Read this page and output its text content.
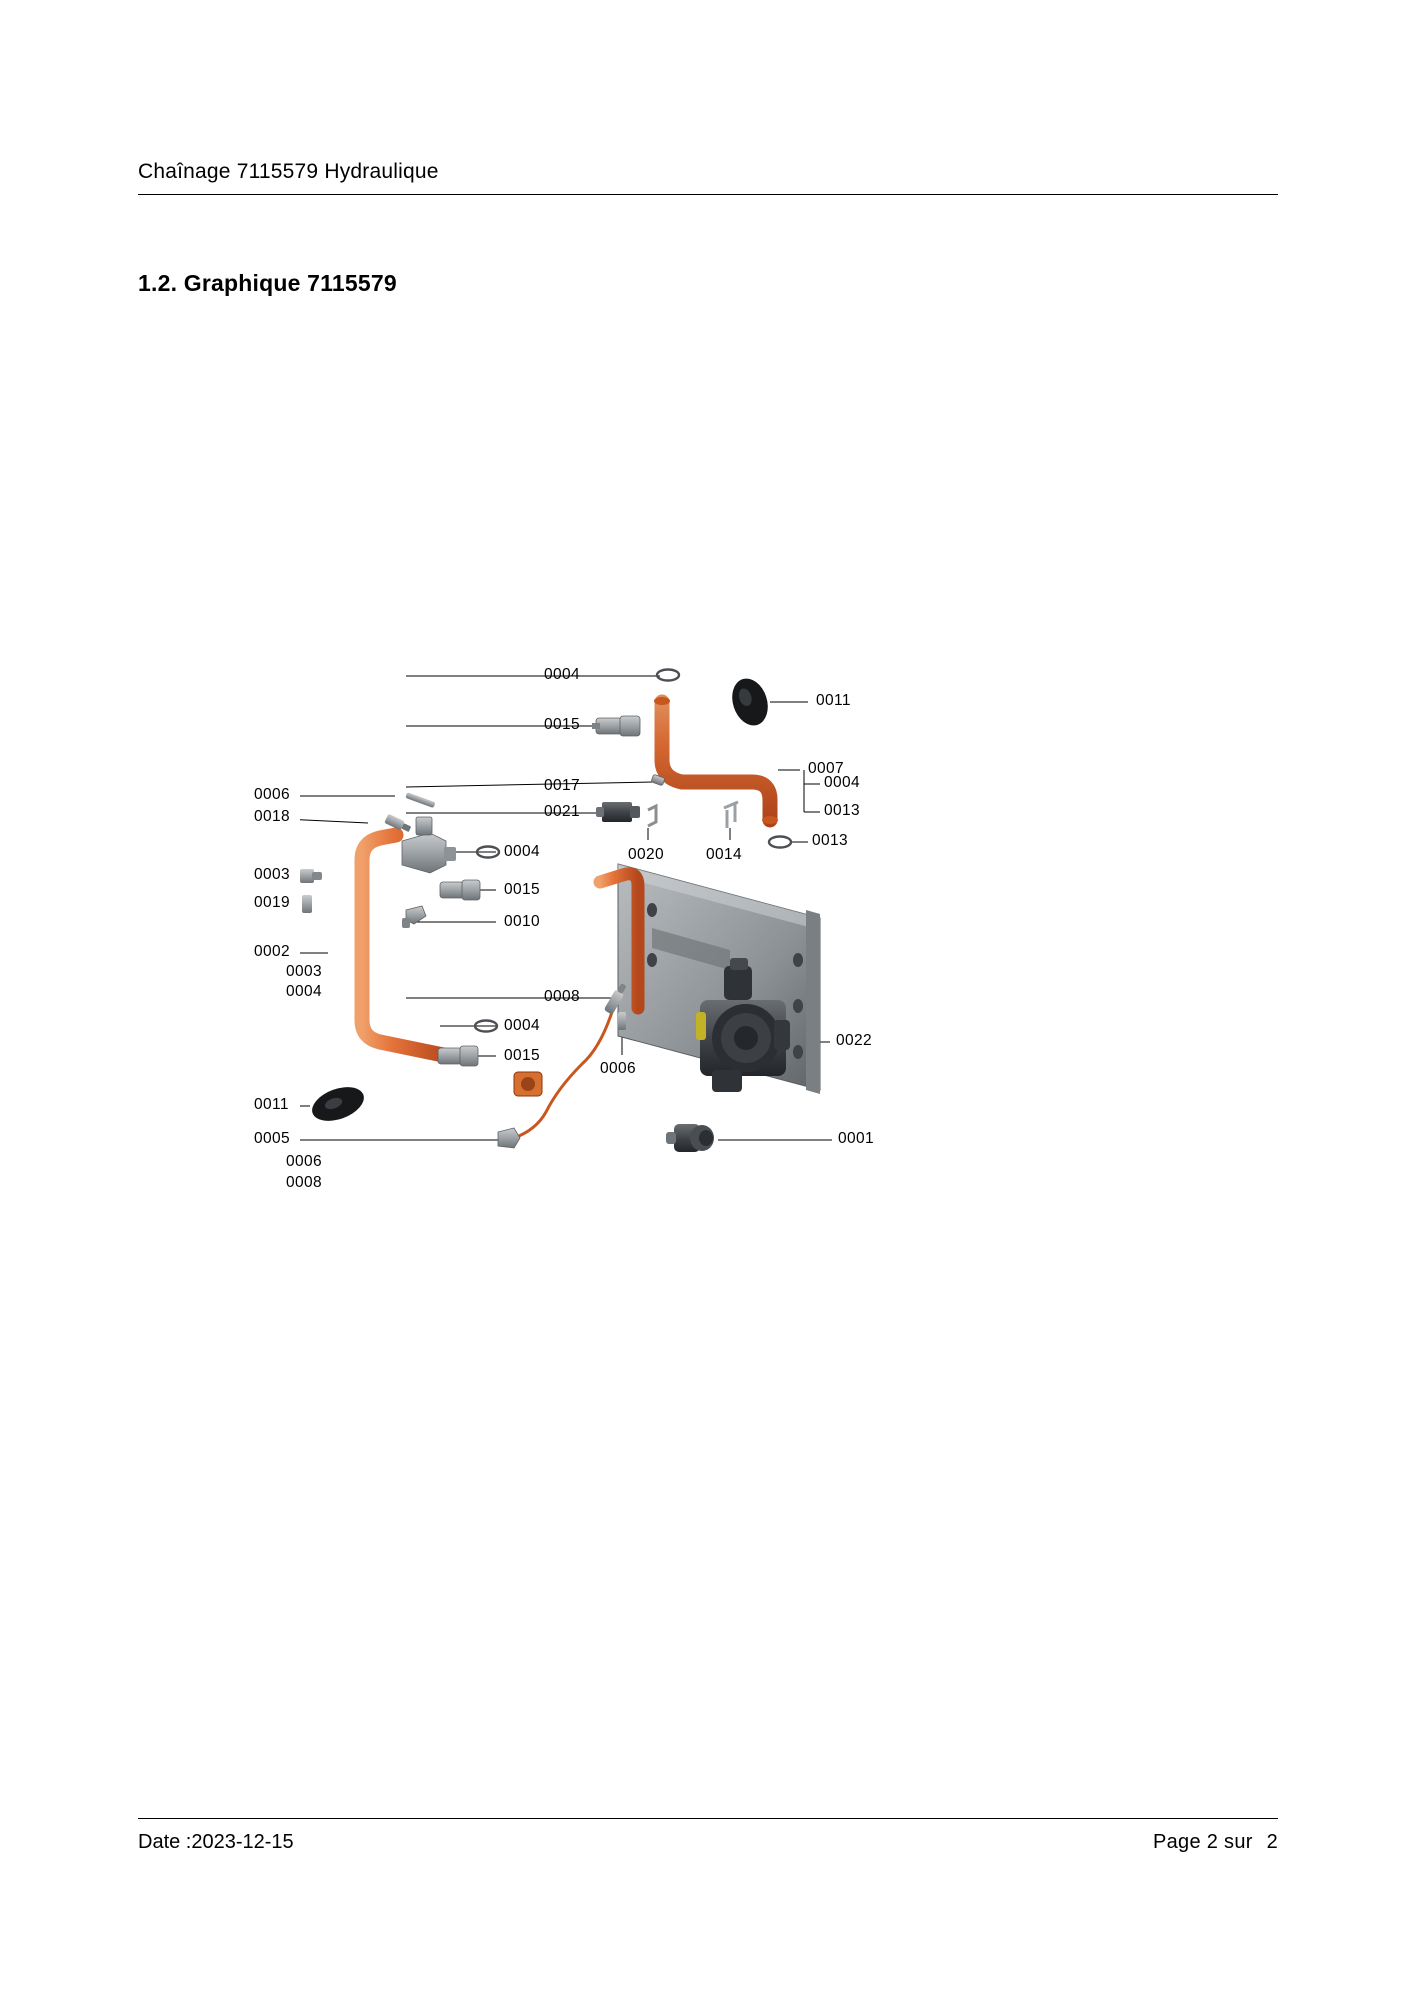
Chaînage 7115579 Hydraulique
1.2. Graphique 7115579
0004
0011
0015
0017
0007
0004
0013
0006
0021
0018
0020	0014
0013
0004
0003
0015
0019
0010
0002
0003
0004	0008
0004
0015
0006
0022
0011
0005
0006
0008
0001
Date :2023-12-15	Page 2 sur 2
